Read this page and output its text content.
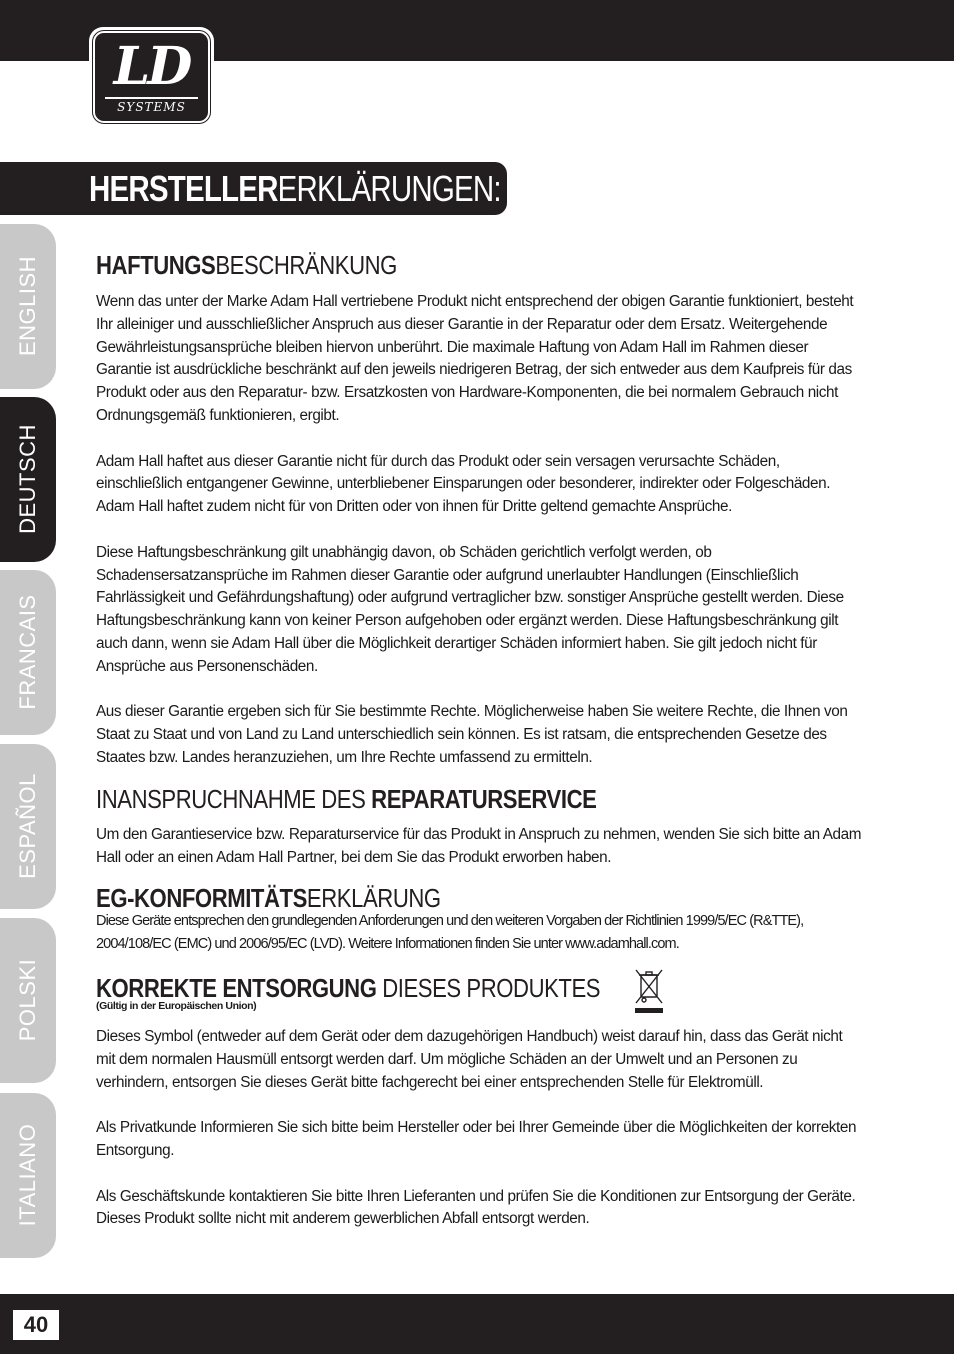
LD
SYSTEMS
HERSTELLERERKLÄRUNGEN:
ENGLISH
DEUTSCH
FRANCAIS
ESPAÑOL
POLSKI
ITALIANO
HAFTUNGSBESCHRÄNKUNG

Wenn das unter der Marke Adam Hall vertriebene Produkt nicht entsprechend der obigen Garantie funktioniert, besteht Ihr alleiniger und ausschließlicher Anspruch aus dieser Garantie in der Reparatur oder dem Ersatz. Weitergehende Gewährleistungsansprüche bleiben hiervon unberührt. Die maximale Haftung von Adam Hall im Rahmen dieser Garantie ist ausdrückliche beschränkt auf den jeweils niedrigeren Betrag, der sich entweder aus dem Kaufpreis für das Produkt oder aus den Reparatur- bzw. Ersatzkosten von Hardware-Komponenten, die bei normalem Gebrauch nicht Ordnungsgemäß funktionieren, ergibt.

Adam Hall haftet aus dieser Garantie nicht für durch das Produkt oder sein versagen verursachte Schäden, einschließlich entgangener Gewinne, unterbliebener Einsparungen oder besonderer, indirekter oder Folgeschäden. Adam Hall haftet zudem nicht für von Dritten oder von ihnen für Dritte geltend gemachte Ansprüche.

Diese Haftungsbeschränkung gilt unabhängig davon, ob Schäden gerichtlich verfolgt werden, ob Schadensersatzansprüche im Rahmen dieser Garantie oder aufgrund unerlaubter Handlungen (Einschließlich Fahrlässigkeit und Gefährdungshaftung) oder aufgrund vertraglicher bzw. sonstiger Ansprüche gestellt werden. Diese Haftungsbeschränkung kann von keiner Person aufgehoben oder ergänzt werden. Diese Haftungsbeschränkung gilt auch dann, wenn sie Adam Hall über die Möglichkeit derartiger Schäden informiert haben. Sie gilt jedoch nicht für Ansprüche aus Personenschäden.

Aus dieser Garantie ergeben sich für Sie bestimmte Rechte. Möglicherweise haben Sie weitere Rechte, die Ihnen von Staat zu Staat und von Land zu Land unterschiedlich sein können. Es ist ratsam, die entsprechenden Gesetze des Staates bzw. Landes heranzuziehen, um Ihre Rechte umfassend zu ermitteln.

INANSPRUCHNAHME DES REPARATURSERVICE

Um den Garantieservice bzw. Reparaturservice für das Produkt in Anspruch zu nehmen, wenden Sie sich bitte an Adam Hall oder an einen Adam Hall Partner, bei dem Sie das Produkt erworben haben.

EG-KONFORMITÄTSERKLÄRUNG

Diese Geräte entsprechen den grundlegenden Anforderungen und den weiteren Vorgaben der Richtlinien 1999/5/EC (R&TTE), 2004/108/EC (EMC) und 2006/95/EC (LVD). Weitere Informationen finden Sie unter www.adamhall.com.

KORREKTE ENTSORGUNG DIESES PRODUKTES

(Gültig in der Europäischen Union)

Dieses Symbol (entweder auf dem Gerät oder dem dazugehörigen Handbuch) weist darauf hin, dass das Gerät nicht mit dem normalen Hausmüll entsorgt werden darf. Um mögliche Schäden an der Umwelt und an Personen zu verhindern, entsorgen Sie dieses Gerät bitte fachgerecht bei einer entsprechenden Stelle für Elektromüll.

Als Privatkunde Informieren Sie sich bitte beim Hersteller oder bei Ihrer Gemeinde über die Möglichkeiten der korrekten Entsorgung.

Als Geschäftskunde kontaktieren Sie bitte Ihren Lieferanten und prüfen Sie die Konditionen zur Entsorgung der Geräte. Dieses Produkt sollte nicht mit anderem gewerblichen Abfall entsorgt werden.

40
